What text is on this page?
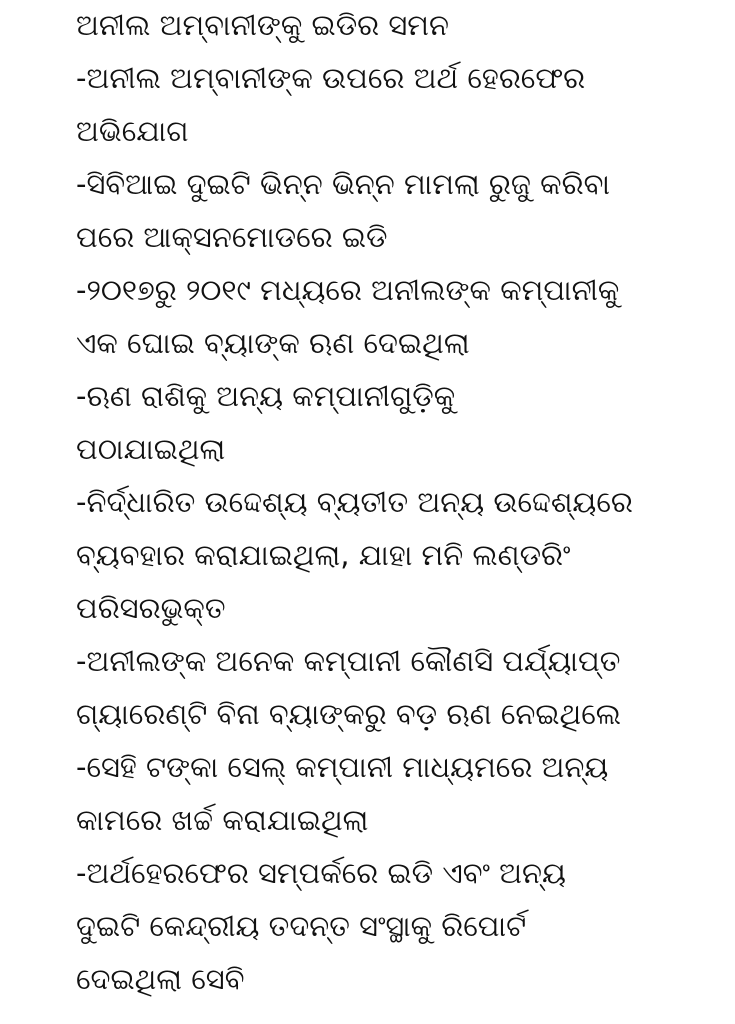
ଅନୀଲ ଅମ୍ବାନୀଙ୍କୁ ଇଡିର ସମନ
-ଅନୀଲ ଅମ୍ବାନୀଙ୍କ ଉପରେ ଅର୍ଥ ହେରଫେର
ଅଭିଯୋଗ
-ସିବିଆଇ ଦୁଇଟି ଭିନ୍ନ ଭିନ୍ନ ମାମଲା ରୁଜୁ କରିବା
ପରେ ଆକ୍ସନମୋଡରେ ଇଡି
-୨୦୧୭ରୁ ୨୦୧୯ ମଧ୍ୟରେ ଅନୀଲଙ୍କ କମ୍ପାନୀକୁ
ଏକ ଘୋଇ ବ୍ୟାଙ୍କ ଋଣ ଦେଇଥିଲା
-ଋଣ ରାଶିକୁ ଅନ୍ୟ କମ୍ପାନୀଗୁଡ଼ିକୁ
ପଠାଯାଇଥିଲା
-ନିର୍ଦ୍ଧାରିତ ଉଦ୍ଦେଶ୍ୟ ବ୍ୟତୀତ ଅନ୍ୟ ଉଦ୍ଦେଶ୍ୟରେ
ବ୍ୟବହାର କରାଯାଇଥିଲା, ଯାହା ମନି ଲଣ୍ଡରିଂ
ପରିସରଭୁକ୍ତ
-ଅନୀଲଙ୍କ ଅନେକ କମ୍ପାନୀ କୌଣସି ପର୍ଯ୍ୟାପ୍ତ
ଗ୍ୟାରେଣ୍ଟି ବିନା ବ୍ୟାଙ୍କରୁ ବଡ଼ ଋଣ ନେଇଥିଲେ
-ସେହି ଟଙ୍କା ସେଲ୍ କମ୍ପାନୀ ମାଧ୍ୟମରେ ଅନ୍ୟ
କାମରେ ଖର୍ଚ୍ଚ କରାଯାଇଥିଲା
-ଅର୍ଥହେରଫେର ସମ୍ପର୍କରେ ଇଡି ଏବଂ ଅନ୍ୟ
ଦୁଇଟି କେନ୍ଦ୍ରୀୟ ତଦନ୍ତ ସଂସ୍ଥାକୁ ରିପୋର୍ଟ
ଦେଇଥିଲା ସେବି
